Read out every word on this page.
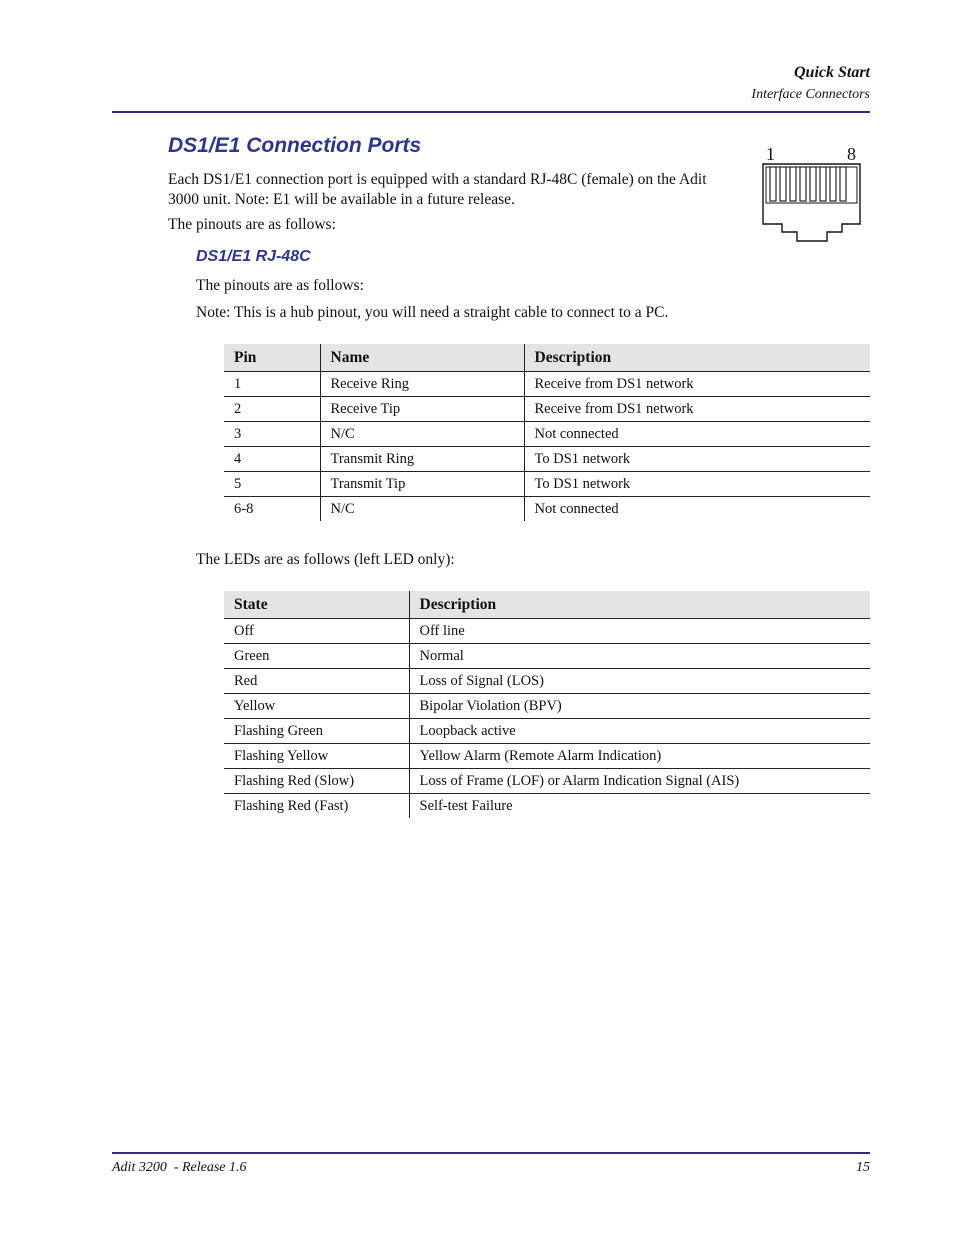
Quick Start
Interface Connectors
DS1/E1 Connection Ports
Each DS1/E1 connection port is equipped with a standard RJ-48C (female) on the Adit 3000 unit. Note: E1 will be available in a future release.
The pinouts are as follows:
1	8
DS1/E1 RJ-48C
The pinouts are as follows:
Note: This is a hub pinout, you will need a straight cable to connect to a PC.
Pin	Name	Description
1	Receive Ring	Receive from DS1 network
2	Receive Tip	Receive from DS1 network
3	N/C	Not connected
4	Transmit Ring	To DS1 network
5	Transmit Tip	To DS1 network
6-8	N/C	Not connected
The LEDs are as follows (left LED only):
State	Description
Off	Off line
Green	Normal
Red	Loss of Signal (LOS)
Yellow	Bipolar Violation (BPV)
Flashing Green	Loopback active
Flashing Yellow	Yellow Alarm (Remote Alarm Indication)
Flashing Red (Slow)	Loss of Frame (LOF) or Alarm Indication Signal (AIS)
Flashing Red (Fast)	Self-test Failure
Adit 3200  - Release 1.6	15
